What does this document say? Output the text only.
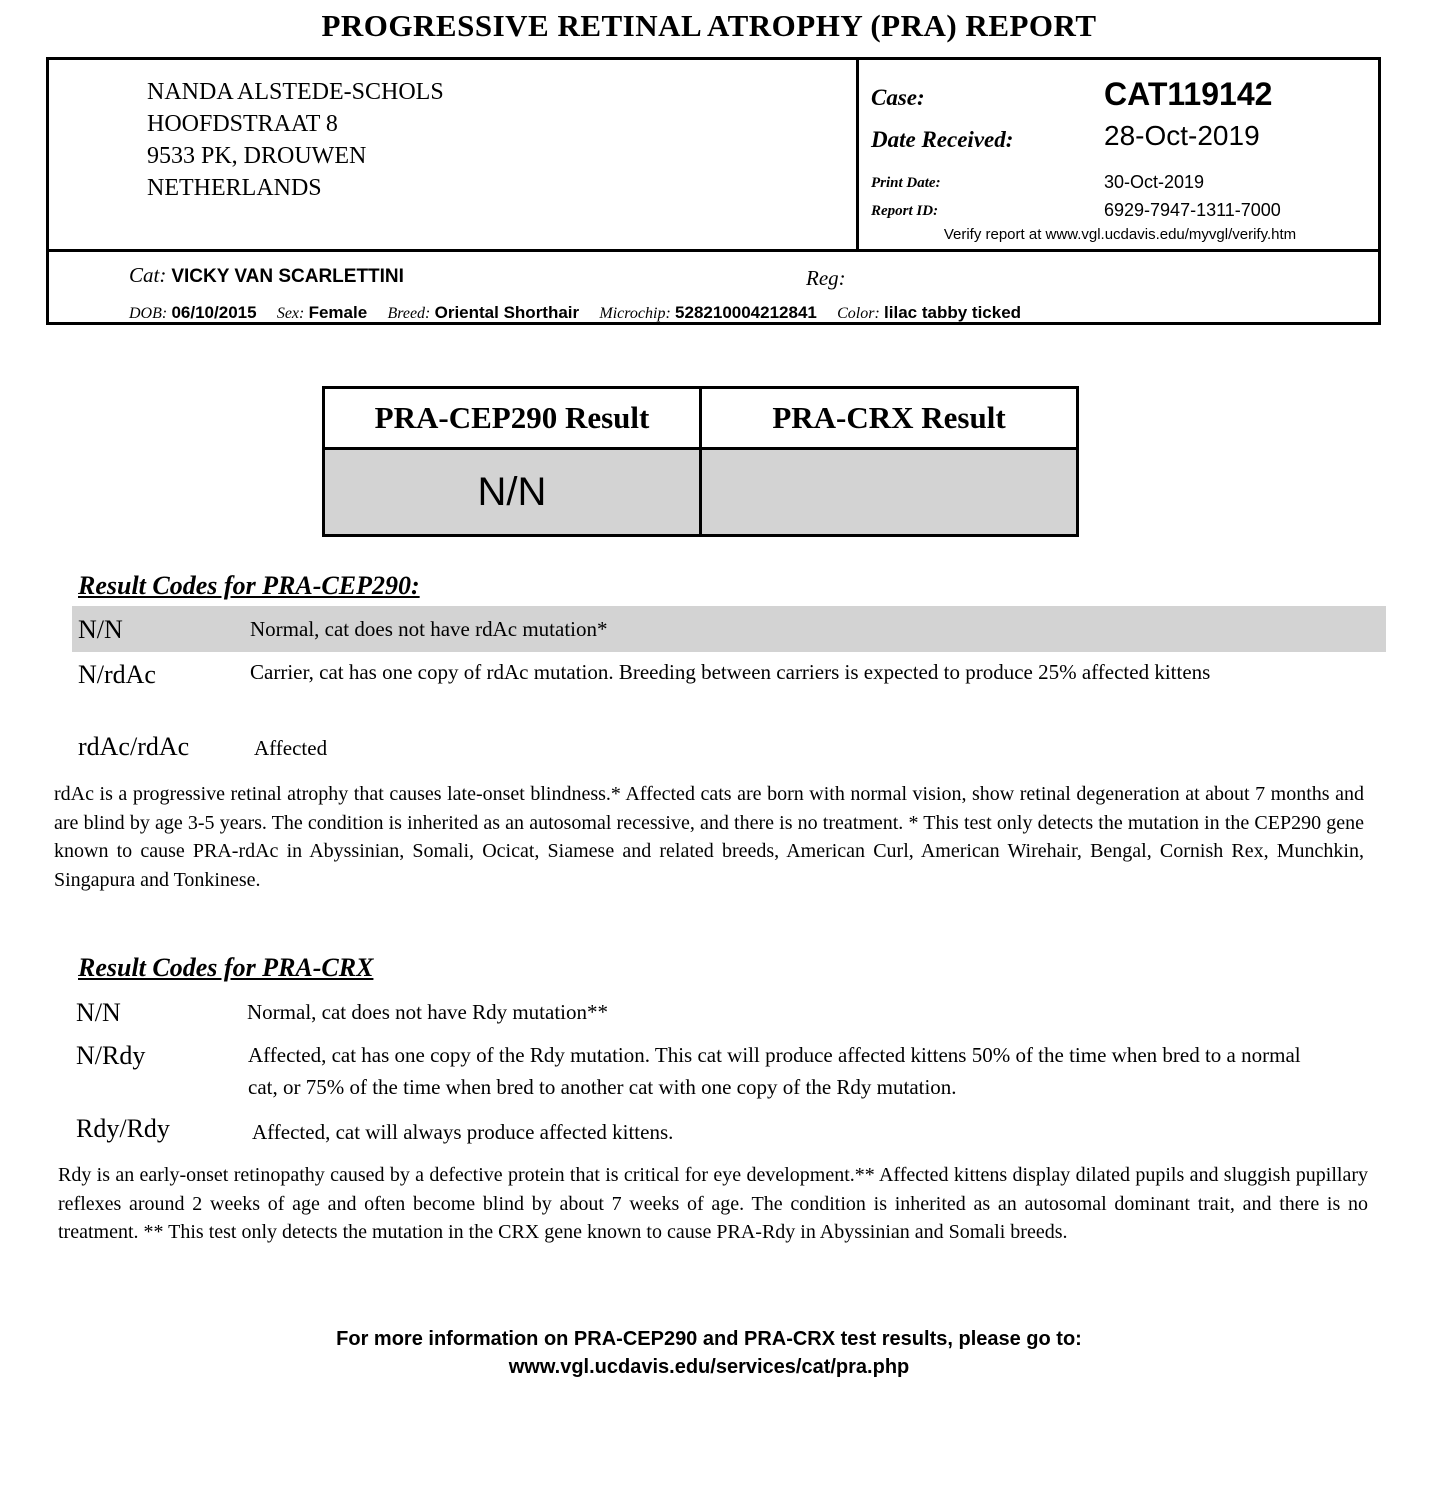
PROGRESSIVE RETINAL ATROPHY (PRA) REPORT
NANDA ALSTEDE-SCHOLS
HOOFDSTRAAT 8
9533 PK, DROUWEN
NETHERLANDS
Case:	CAT119142
Date Received:	28-Oct-2019
Print Date:	30-Oct-2019
Report ID:	6929-7947-1311-7000
Verify report at www.vgl.ucdavis.edu/myvgl/verify.htm
Cat: VICKY VAN SCARLETTINI	Reg:
DOB: 06/10/2015 Sex: Female Breed: Oriental Shorthair Microchip: 528210004212841 Color: lilac tabby ticked
PRA-CEP290 Result	PRA-CRX Result
N/N	
Result Codes for PRA-CEP290:
N/N	Normal, cat does not have rdAc mutation*
N/rdAc	Carrier, cat has one copy of rdAc mutation. Breeding between carriers is expected to produce 25% affected kittens
rdAc/rdAc	Affected
rdAc is a progressive retinal atrophy that causes late-onset blindness.* Affected cats are born with normal vision, show retinal degeneration at about 7 months and are blind by age 3-5 years. The condition is inherited as an autosomal recessive, and there is no treatment. * This test only detects the mutation in the CEP290 gene known to cause PRA-rdAc in Abyssinian, Somali, Ocicat, Siamese and related breeds, American Curl, American Wirehair, Bengal, Cornish Rex, Munchkin, Singapura and Tonkinese.
Result Codes for PRA-CRX
N/N	Normal, cat does not have Rdy mutation**
N/Rdy	Affected, cat has one copy of the Rdy mutation. This cat will produce affected kittens 50% of the time when bred to a normal cat, or 75% of the time when bred to another cat with one copy of the Rdy mutation.
Rdy/Rdy	Affected, cat will always produce affected kittens.
Rdy is an early-onset retinopathy caused by a defective protein that is critical for eye development.** Affected kittens display dilated pupils and sluggish pupillary reflexes around 2 weeks of age and often become blind by about 7 weeks of age. The condition is inherited as an autosomal dominant trait, and there is no treatment. ** This test only detects the mutation in the CRX gene known to cause PRA-Rdy in Abyssinian and Somali breeds.
For more information on PRA-CEP290 and PRA-CRX test results, please go to:
www.vgl.ucdavis.edu/services/cat/pra.php
